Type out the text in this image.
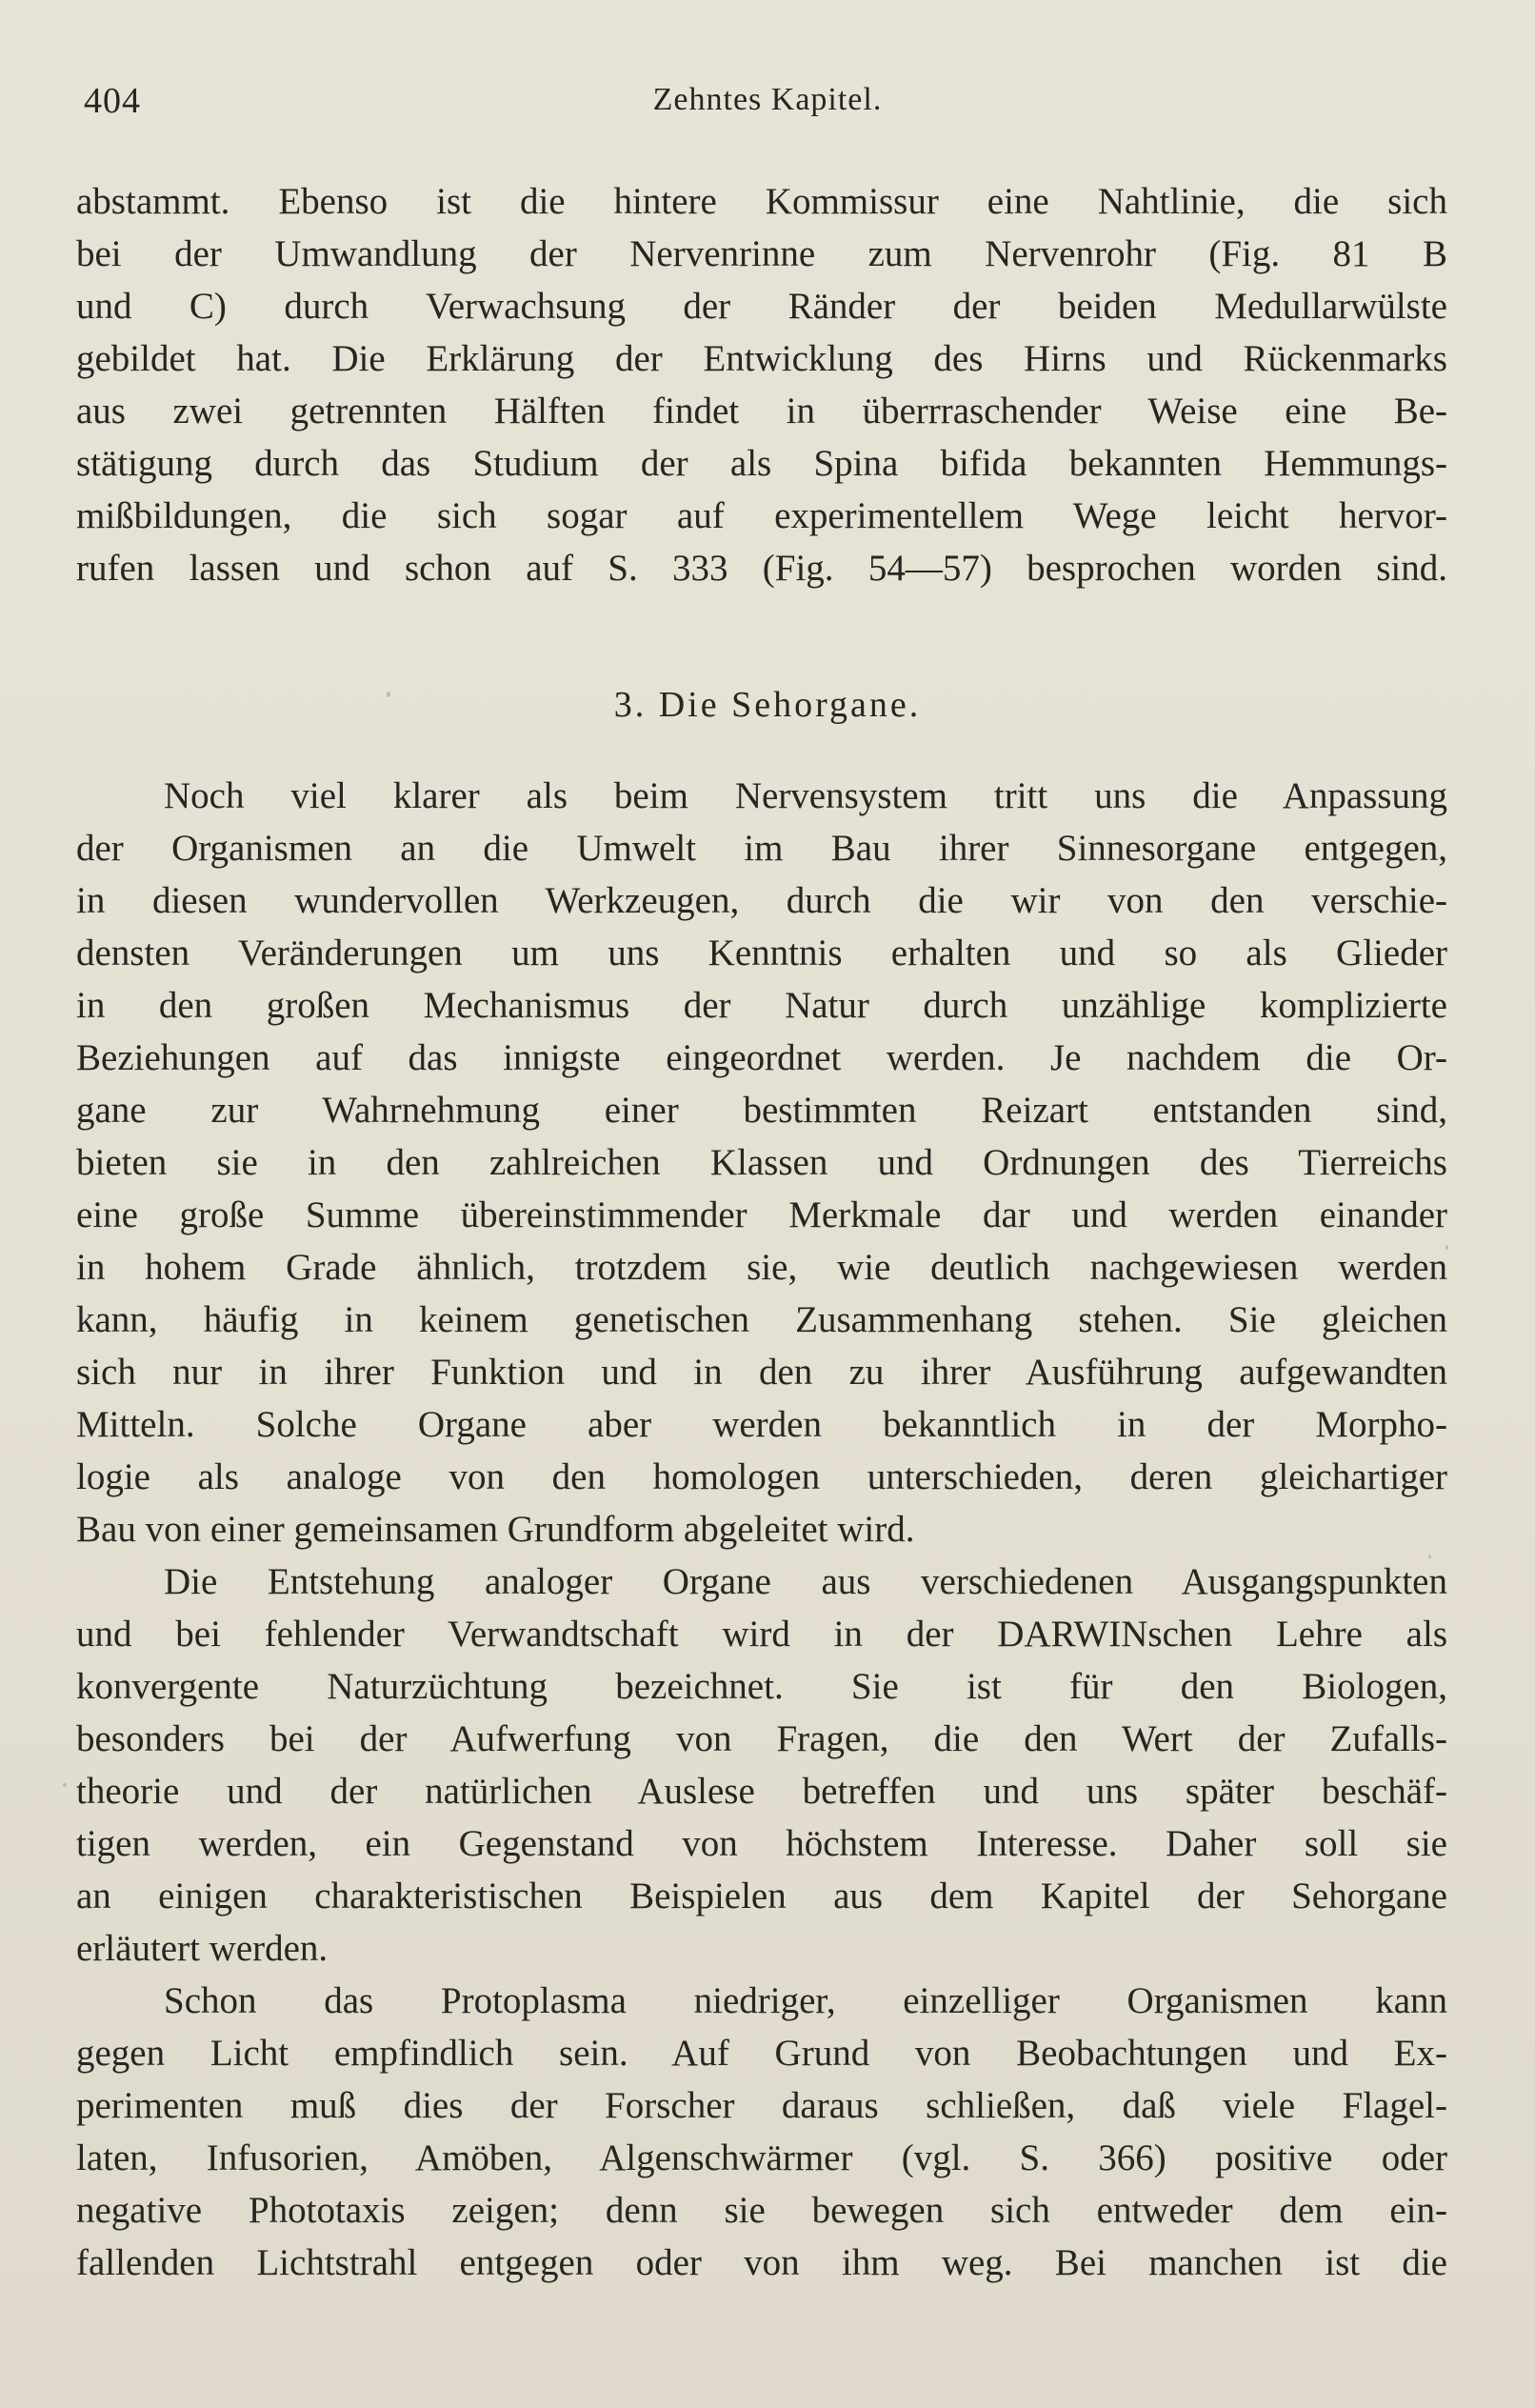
404	Zehntes Kapitel.
abstammt. Ebenso ist die hintere Kommissur eine Nahtlinie, die sich
bei der Umwandlung der Nervenrinne zum Nervenrohr (Fig. 81 B
und C) durch Verwachsung der Ränder der beiden Medullarwülste
gebildet hat. Die Erklärung der Entwicklung des Hirns und Rückenmarks
aus zwei getrennten Hälften findet in überrraschender Weise eine Be-
stätigung durch das Studium der als Spina bifida bekannten Hemmungs-
mißbildungen, die sich sogar auf experimentellem Wege leicht hervor-
rufen lassen und schon auf S. 333 (Fig. 54—57) besprochen worden sind.
3. Die Sehorgane.
Noch viel klarer als beim Nervensystem tritt uns die Anpassung
der Organismen an die Umwelt im Bau ihrer Sinnesorgane entgegen,
in diesen wundervollen Werkzeugen, durch die wir von den verschie-
densten Veränderungen um uns Kenntnis erhalten und so als Glieder
in den großen Mechanismus der Natur durch unzählige komplizierte
Beziehungen auf das innigste eingeordnet werden. Je nachdem die Or-
gane zur Wahrnehmung einer bestimmten Reizart entstanden sind,
bieten sie in den zahlreichen Klassen und Ordnungen des Tierreichs
eine große Summe übereinstimmender Merkmale dar und werden einander
in hohem Grade ähnlich, trotzdem sie, wie deutlich nachgewiesen werden
kann, häufig in keinem genetischen Zusammenhang stehen. Sie gleichen
sich nur in ihrer Funktion und in den zu ihrer Ausführung aufgewandten
Mitteln. Solche Organe aber werden bekanntlich in der Morpho-
logie als analoge von den homologen unterschieden, deren gleichartiger
Bau von einer gemeinsamen Grundform abgeleitet wird.
Die Entstehung analoger Organe aus verschiedenen Ausgangspunkten
und bei fehlender Verwandtschaft wird in der DARWINschen Lehre als
konvergente Naturzüchtung bezeichnet. Sie ist für den Biologen,
besonders bei der Aufwerfung von Fragen, die den Wert der Zufalls-
theorie und der natürlichen Auslese betreffen und uns später beschäf-
tigen werden, ein Gegenstand von höchstem Interesse. Daher soll sie
an einigen charakteristischen Beispielen aus dem Kapitel der Sehorgane
erläutert werden.
Schon das Protoplasma niedriger, einzelliger Organismen kann
gegen Licht empfindlich sein. Auf Grund von Beobachtungen und Ex-
perimenten muß dies der Forscher daraus schließen, daß viele Flagel-
laten, Infusorien, Amöben, Algenschwärmer (vgl. S. 366) positive oder
negative Phototaxis zeigen; denn sie bewegen sich entweder dem ein-
fallenden Lichtstrahl entgegen oder von ihm weg. Bei manchen ist die
